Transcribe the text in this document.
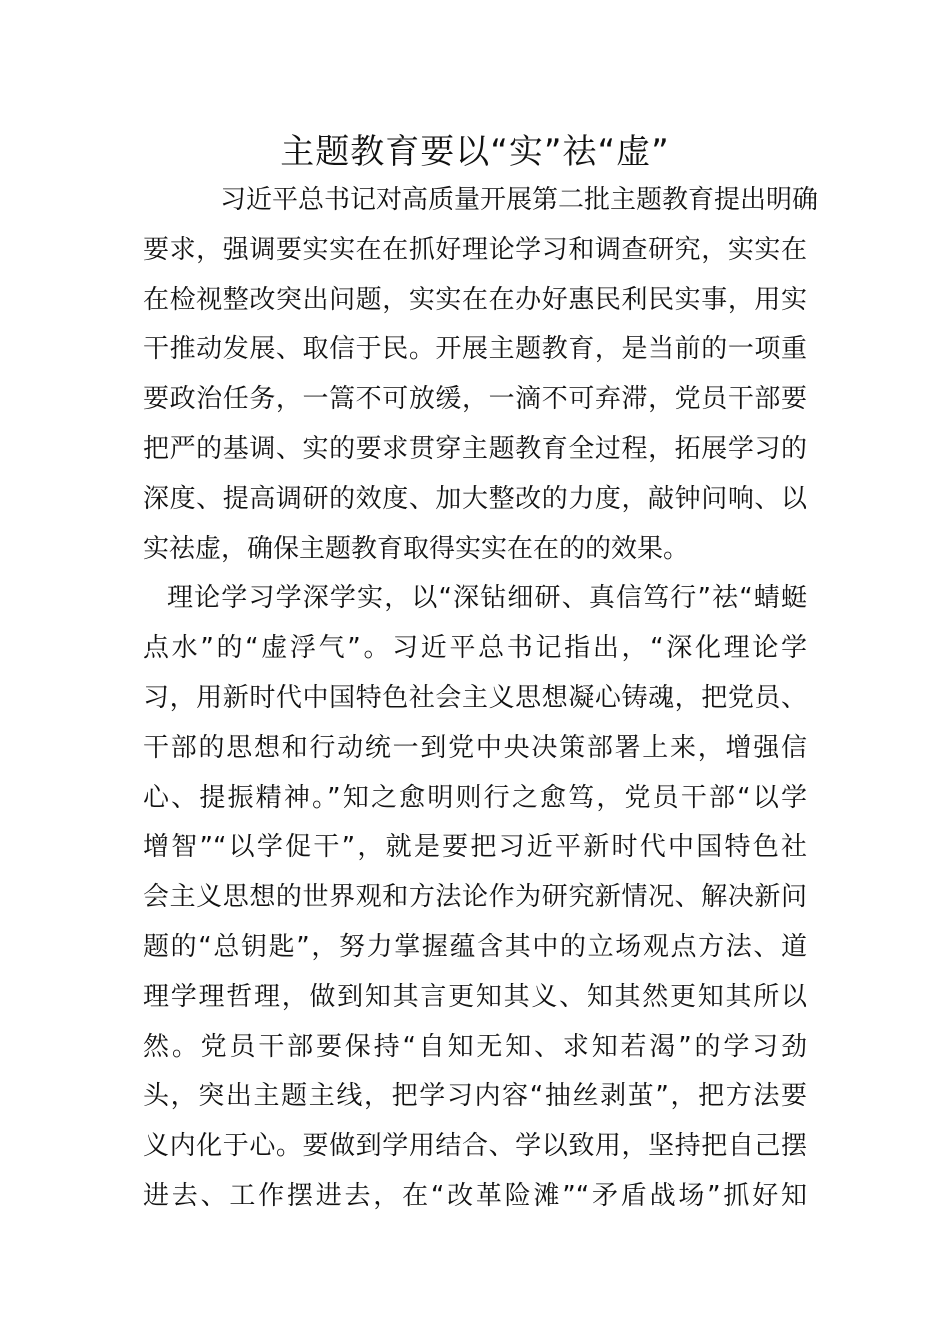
主题教育要以“实”祛“虚”
习近平总书记对高质量开展第二批主题教育提出明确
要求，强调要实实在在抓好理论学习和调查研究，实实在
在检视整改突出问题，实实在在办好惠民利民实事，用实
干推动发展、取信于民。开展主题教育，是当前的一项重
要政治任务，一篙不可放缓，一滴不可弃滞，党员干部要
把严的基调、实的要求贯穿主题教育全过程，拓展学习的
深度、提高调研的效度、加大整改的力度，敲钟问响、以
实祛虚，确保主题教育取得实实在在的的效果。
理论学习学深学实，以“深钻细研、真信笃行”祛“蜻蜓
点水”的“虚浮气”。习近平总书记指出，“深化理论学
习，用新时代中国特色社会主义思想凝心铸魂，把党员、
干部的思想和行动统一到党中央决策部署上来，增强信
心、提振精神。”知之愈明则行之愈笃，党员干部“以学
增智”“以学促干”，就是要把习近平新时代中国特色社
会主义思想的世界观和方法论作为研究新情况、解决新问
题的“总钥匙”，努力掌握蕴含其中的立场观点方法、道
理学理哲理，做到知其言更知其义、知其然更知其所以
然。党员干部要保持“自知无知、求知若渴”的学习劲
头，突出主题主线，把学习内容“抽丝剥茧”，把方法要
义内化于心。要做到学用结合、学以致用，坚持把自己摆
进去、工作摆进去，在“改革险滩”“矛盾战场”抓好知
